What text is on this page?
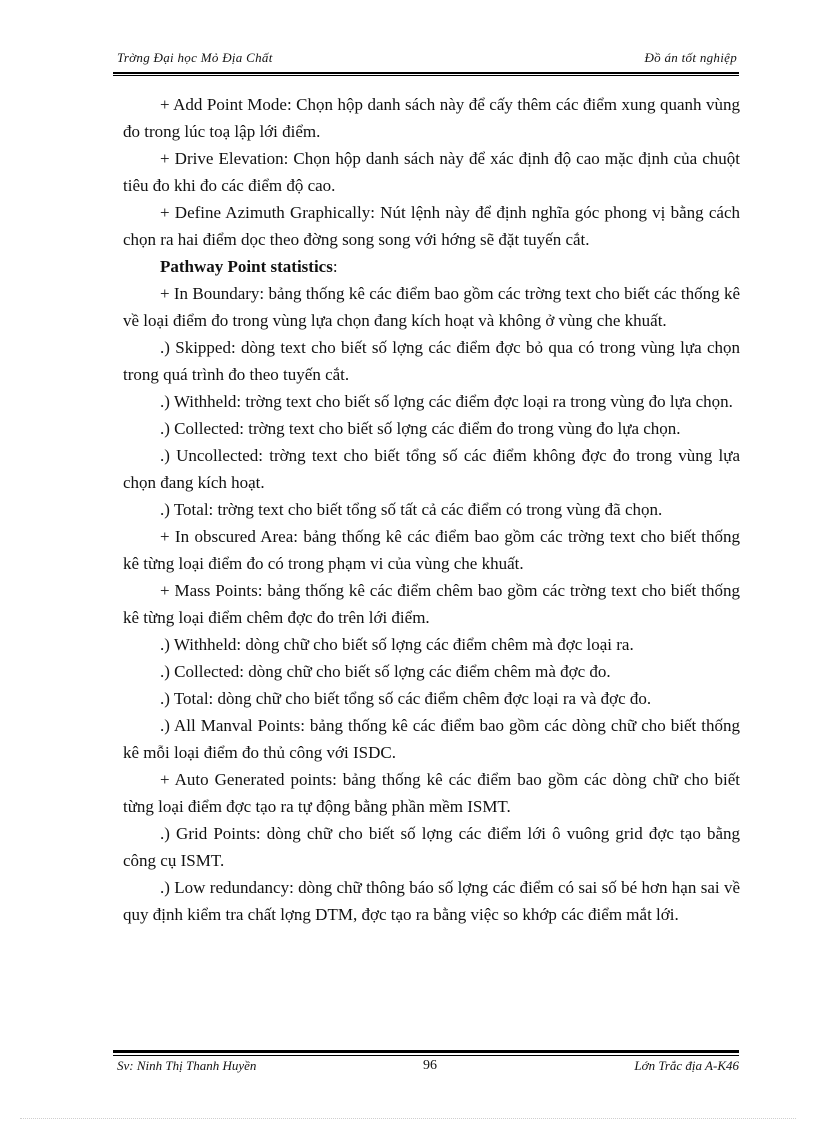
Trờng Đại học Mỏ Địa Chất	Đồ án tốt nghiệp

+ Add Point Mode: Chọn hộp danh sách này để cấy thêm các điểm xung quanh vùng đo trong lúc toạ lập lới điểm.

+ Drive Elevation: Chọn hộp danh sách này để xác định độ cao mặc định của chuột tiêu đo khi đo các điểm độ cao.

+ Define Azimuth Graphically: Nút lệnh này để định nghĩa góc phong vị bằng cách chọn ra hai điểm dọc theo đờng song song với hớng sẽ đặt tuyến cắt.

Pathway Point statistics:

+ In Boundary: bảng thống kê các điểm bao gồm các trờng text cho biết các thống kê về loại điểm đo trong vùng lựa chọn đang kích hoạt và không ở vùng che khuất.

.) Skipped: dòng text cho biết số lợng các điểm đợc bỏ qua có trong vùng lựa chọn trong quá trình đo theo tuyến cắt.

.) Withheld: trờng text cho biết số lợng các điểm đợc loại ra trong vùng đo lựa chọn.

.) Collected: trờng text cho biết số lợng các điểm đo trong vùng đo lựa chọn.

.) Uncollected: trờng text cho biết tổng số các điểm không đợc đo trong vùng lựa chọn đang kích hoạt.

.) Total: trờng text cho biết tổng số tất cả các điểm có trong vùng đã chọn.

+ In obscured Area: bảng thống kê các điểm bao gồm các trờng text cho biết thống kê từng loại điểm đo có trong phạm vi của vùng che khuất.

+ Mass Points: bảng thống kê các điểm chêm bao gồm các trờng text cho biết thống kê từng loại điểm chêm đợc đo trên lới điểm.

.) Withheld: dòng chữ cho biết số lợng các điểm chêm mà đợc loại ra.

.) Collected: dòng chữ cho biết số lợng các điểm chêm mà đợc đo.

.) Total: dòng chữ cho biết tổng số các điểm chêm đợc loại ra và đợc đo.

.) All Manval Points: bảng thống kê các điểm bao gồm các dòng chữ cho biết thống kê mỗi loại điểm đo thủ công với ISDC.

+ Auto Generated points: bảng thống kê các điểm bao gồm các dòng chữ cho biết từng loại điểm đợc tạo ra tự động bằng phần mềm ISMT.

.) Grid Points: dòng chữ cho biết số lợng các điểm lới ô vuông grid đợc tạo bằng công cụ ISMT.

.) Low redundancy: dòng chữ thông báo số lợng các điểm có sai số bé hơn hạn sai về quy định kiểm tra chất lợng DTM, đợc tạo ra bằng việc so khớp các điểm mắt lới.

Sv: Ninh Thị Thanh Huyền	96	Lớn Trắc địa A-K46
